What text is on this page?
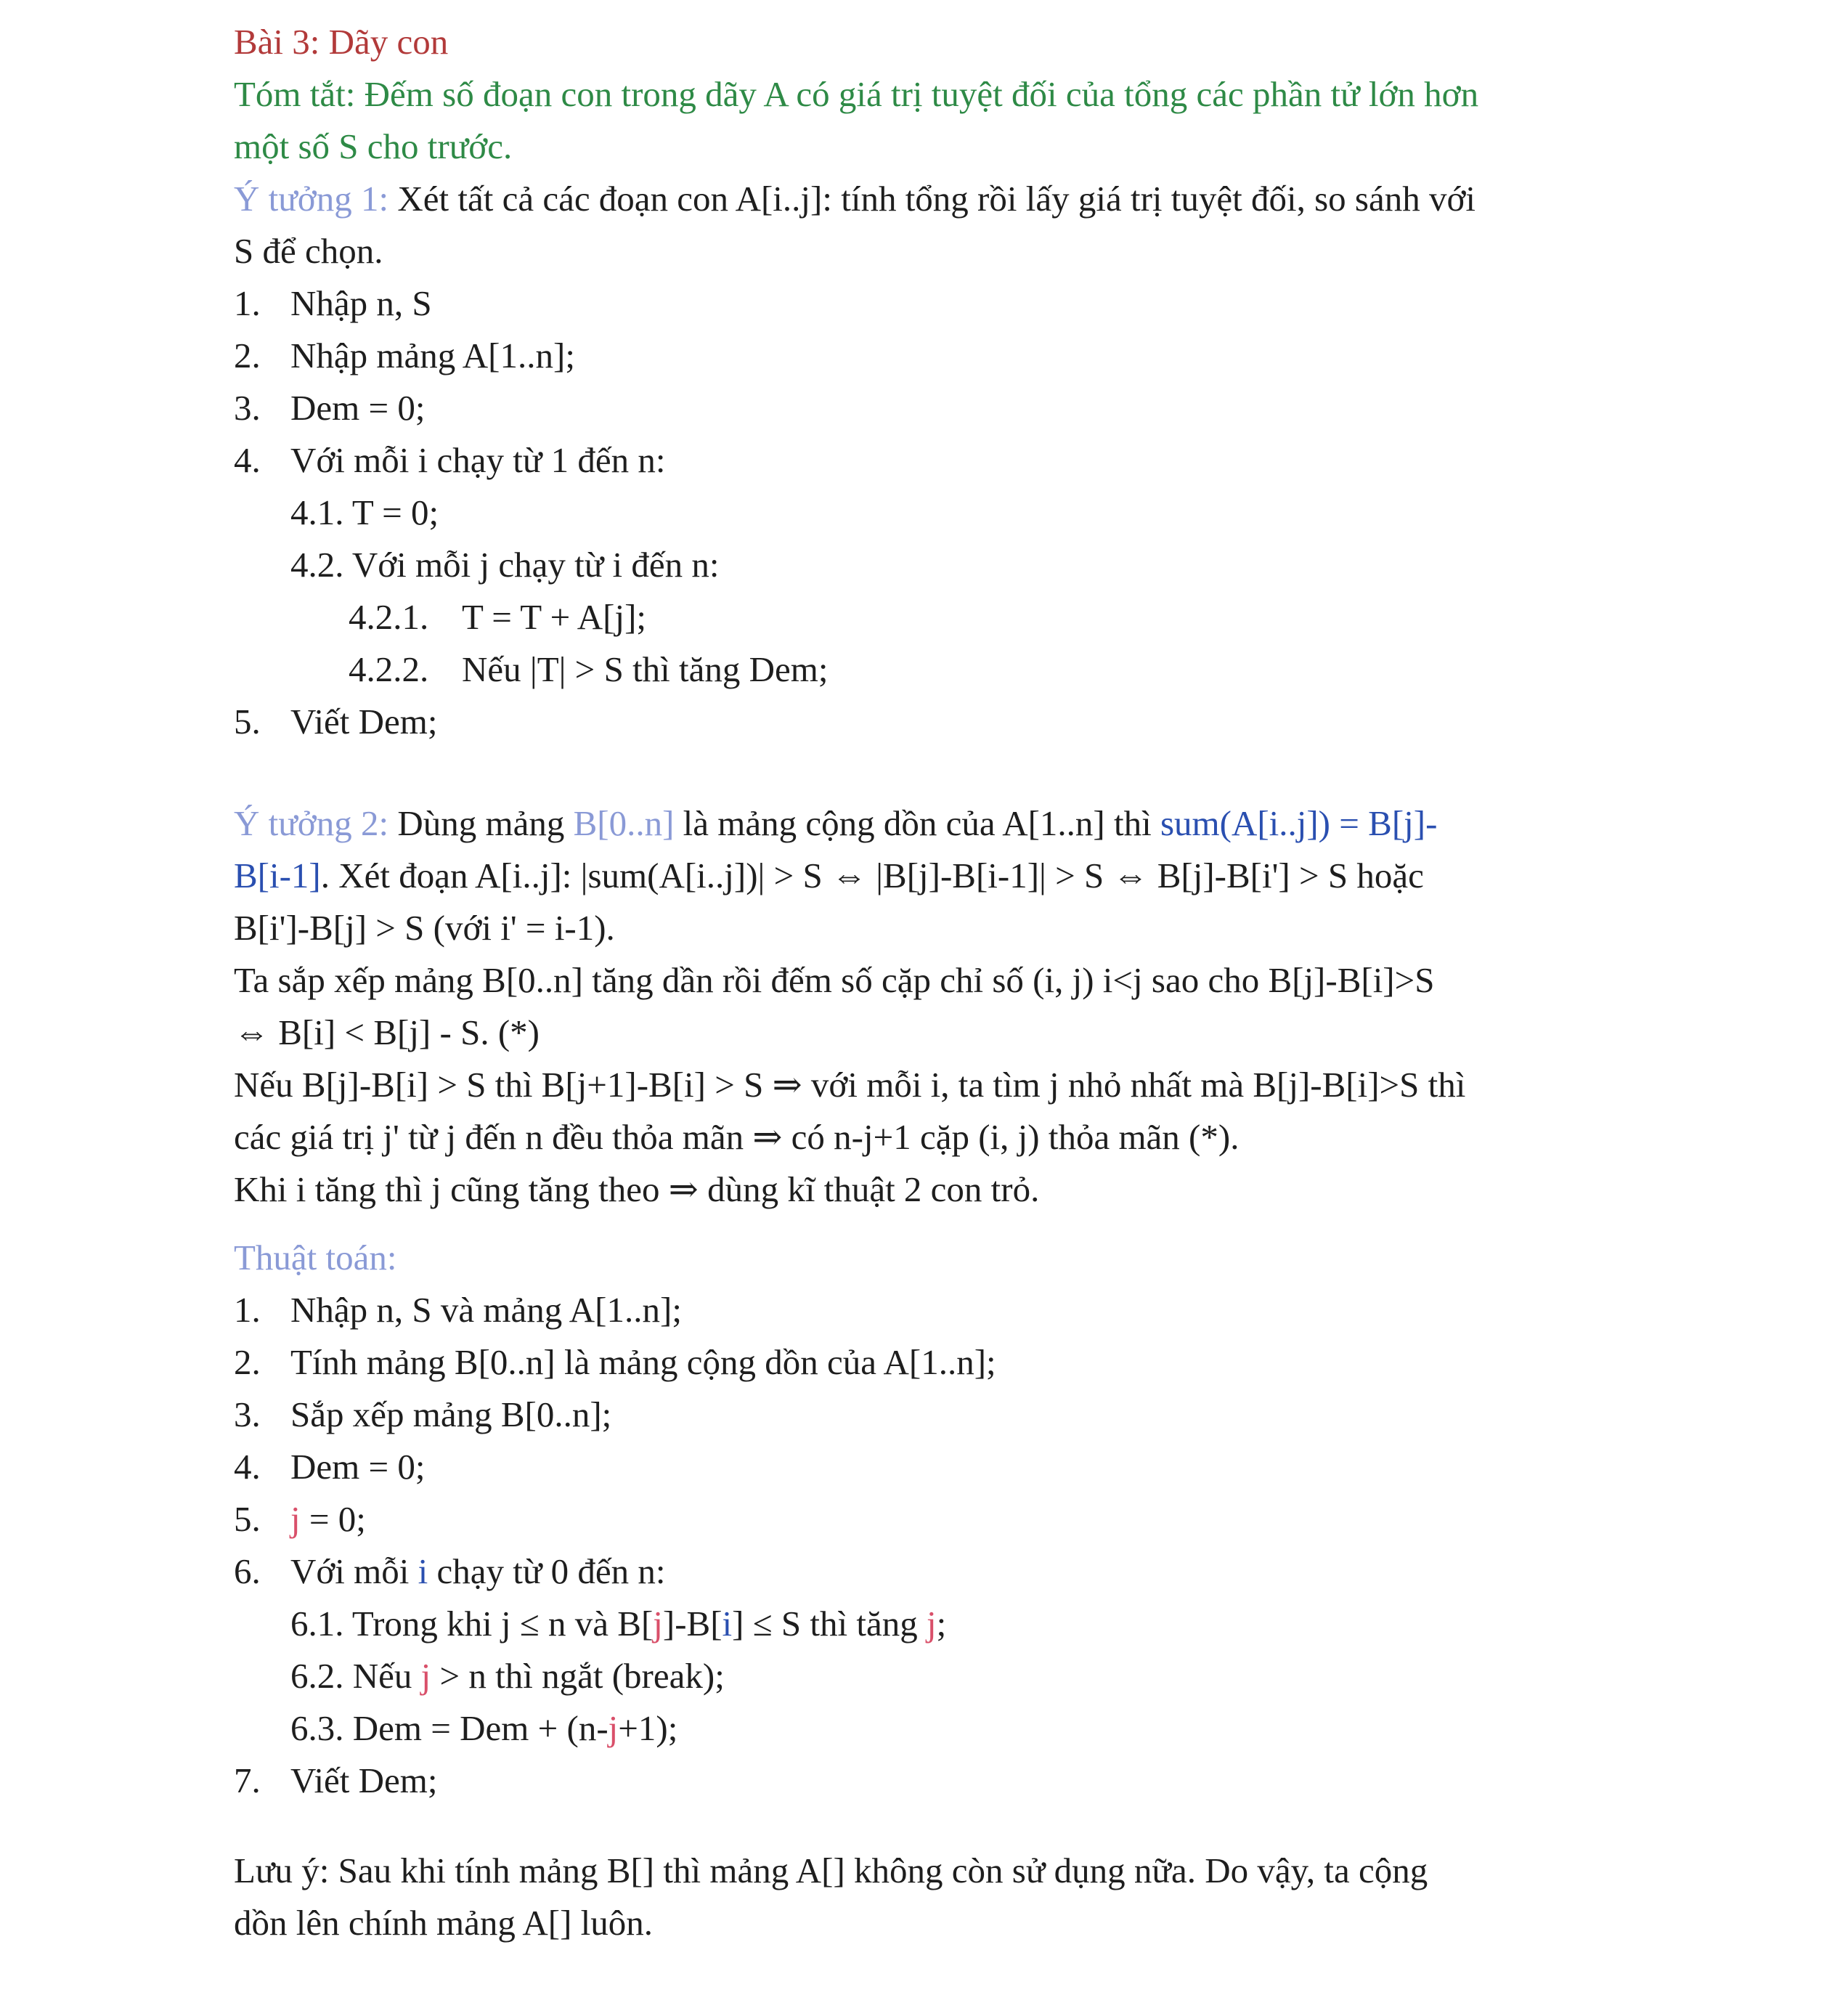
Bài 3: Dãy con
Tóm tắt: Đếm số đoạn con trong dãy A có giá trị tuyệt đối của tổng các phần tử lớn hơn
một số S cho trước.
Ý tưởng 1: Xét tất cả các đoạn con A[i..j]: tính tổng rồi lấy giá trị tuyệt đối, so sánh với
S để chọn.
1. Nhập n, S
2. Nhập mảng A[1..n];
3. Dem = 0;
4. Với mỗi i chạy từ 1 đến n:
4.1. T = 0;
4.2. Với mỗi j chạy từ i đến n:
4.2.1. T = T + A[j];
4.2.2. Nếu |T| > S thì tăng Dem;
5. Viết Dem;
Ý tưởng 2: Dùng mảng B[0..n] là mảng cộng dồn của A[1..n] thì sum(A[i..j]) = B[j]-
B[i-1]. Xét đoạn A[i..j]: |sum(A[i..j])| > S ⇔ |B[j]-B[i-1]| > S ⇔ B[j]-B[i'] > S hoặc
B[i']-B[j] > S (với i' = i-1).
Ta sắp xếp mảng B[0..n] tăng dần rồi đếm số cặp chỉ số (i, j) i<j sao cho B[j]-B[i]>S
⇔ B[i] < B[j] - S. (*)
Nếu B[j]-B[i] > S thì B[j+1]-B[i] > S ⇒ với mỗi i, ta tìm j nhỏ nhất mà B[j]-B[i]>S thì
các giá trị j' từ j đến n đều thỏa mãn ⇒ có n-j+1 cặp (i, j) thỏa mãn (*).
Khi i tăng thì j cũng tăng theo ⇒ dùng kĩ thuật 2 con trỏ.
Thuật toán:
1. Nhập n, S và mảng A[1..n];
2. Tính mảng B[0..n] là mảng cộng dồn của A[1..n];
3. Sắp xếp mảng B[0..n];
4. Dem = 0;
5. j = 0;
6. Với mỗi i chạy từ 0 đến n:
6.1. Trong khi j ≤ n và B[j]-B[i] ≤ S thì tăng j;
6.2. Nếu j > n thì ngắt (break);
6.3. Dem = Dem + (n-j+1);
7. Viết Dem;
Lưu ý: Sau khi tính mảng B[] thì mảng A[] không còn sử dụng nữa. Do vậy, ta cộng
dồn lên chính mảng A[] luôn.
